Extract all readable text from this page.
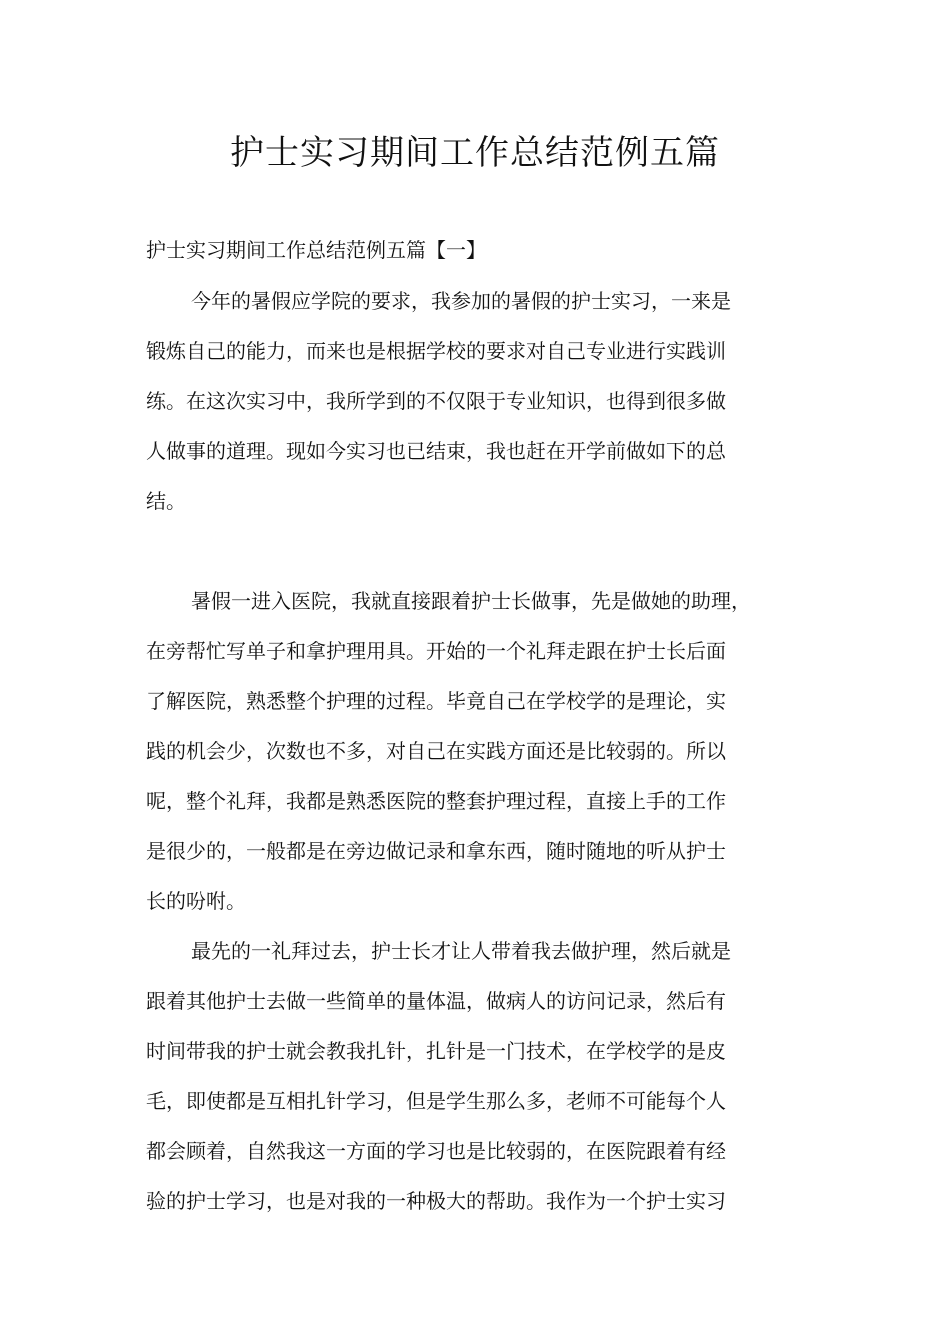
护士实习期间工作总结范例五篇

护士实习期间工作总结范例五篇【一】

今年的暑假应学院的要求，我参加的暑假的护士实习，一来是
锻炼自己的能力，而来也是根据学校的要求对自己专业进行实践训
练。在这次实习中，我所学到的不仅限于专业知识，也得到很多做
人做事的道理。现如今实习也已结束，我也赶在开学前做如下的总
结。
暑假一进入医院，我就直接跟着护士长做事，先是做她的助理，
在旁帮忙写单子和拿护理用具。开始的一个礼拜走跟在护士长后面
了解医院，熟悉整个护理的过程。毕竟自己在学校学的是理论，实
践的机会少，次数也不多，对自己在实践方面还是比较弱的。所以
呢，整个礼拜，我都是熟悉医院的整套护理过程，直接上手的工作
是很少的，一般都是在旁边做记录和拿东西，随时随地的听从护士
长的吩咐。
最先的一礼拜过去，护士长才让人带着我去做护理，然后就是
跟着其他护士去做一些简单的量体温，做病人的访问记录，然后有
时间带我的护士就会教我扎针，扎针是一门技术，在学校学的是皮
毛，即使都是互相扎针学习，但是学生那么多，老师不可能每个人
都会顾着，自然我这一方面的学习也是比较弱的，在医院跟着有经
验的护士学习，也是对我的一种极大的帮助。我作为一个护士实习
